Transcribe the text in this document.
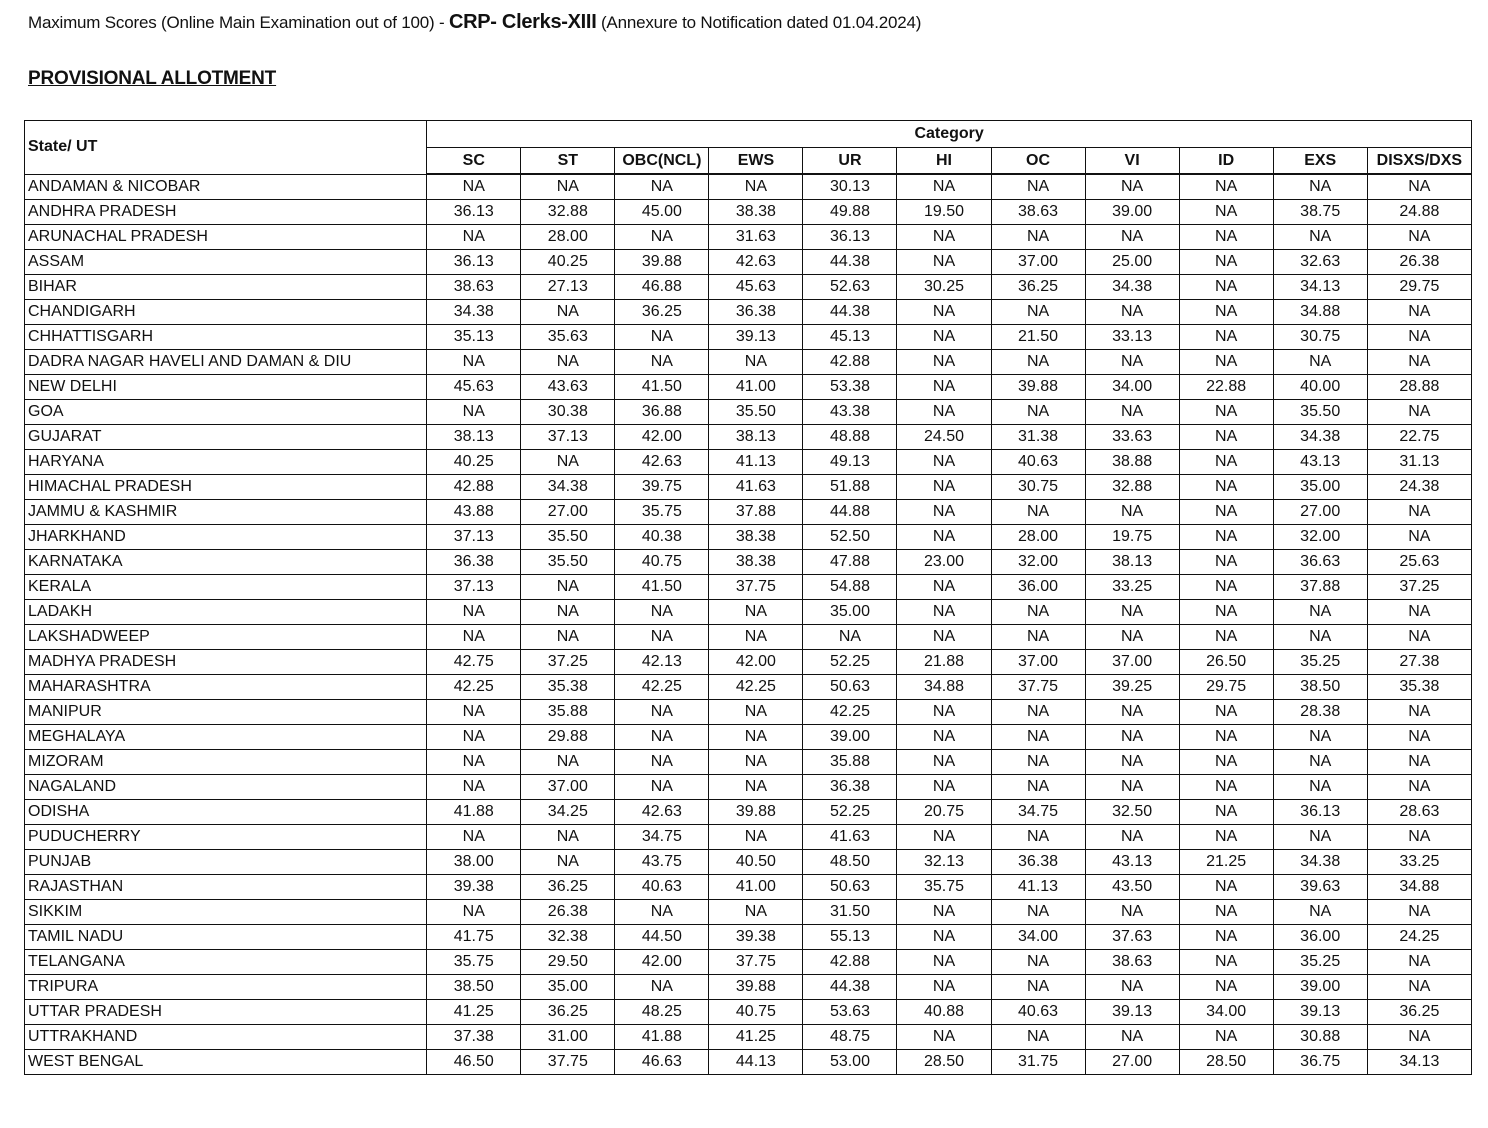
Maximum Scores (Online Main Examination out of 100) - CRP- Clerks-XIII (Annexure to Notification dated 01.04.2024)
PROVISIONAL ALLOTMENT
State/ UT	Category										
	SC	ST	OBC(NCL)	EWS	UR	HI	OC	VI	ID	EXS	DISXS/DXS
ANDAMAN & NICOBAR	NA	NA	NA	NA	30.13	NA	NA	NA	NA	NA	NA
ANDHRA PRADESH	36.13	32.88	45.00	38.38	49.88	19.50	38.63	39.00	NA	38.75	24.88
ARUNACHAL PRADESH	NA	28.00	NA	31.63	36.13	NA	NA	NA	NA	NA	NA
ASSAM	36.13	40.25	39.88	42.63	44.38	NA	37.00	25.00	NA	32.63	26.38
BIHAR	38.63	27.13	46.88	45.63	52.63	30.25	36.25	34.38	NA	34.13	29.75
CHANDIGARH	34.38	NA	36.25	36.38	44.38	NA	NA	NA	NA	34.88	NA
CHHATTISGARH	35.13	35.63	NA	39.13	45.13	NA	21.50	33.13	NA	30.75	NA
DADRA NAGAR HAVELI AND DAMAN & DIU	NA	NA	NA	NA	42.88	NA	NA	NA	NA	NA	NA
NEW DELHI	45.63	43.63	41.50	41.00	53.38	NA	39.88	34.00	22.88	40.00	28.88
GOA	NA	30.38	36.88	35.50	43.38	NA	NA	NA	NA	35.50	NA
GUJARAT	38.13	37.13	42.00	38.13	48.88	24.50	31.38	33.63	NA	34.38	22.75
HARYANA	40.25	NA	42.63	41.13	49.13	NA	40.63	38.88	NA	43.13	31.13
HIMACHAL PRADESH	42.88	34.38	39.75	41.63	51.88	NA	30.75	32.88	NA	35.00	24.38
JAMMU & KASHMIR	43.88	27.00	35.75	37.88	44.88	NA	NA	NA	NA	27.00	NA
JHARKHAND	37.13	35.50	40.38	38.38	52.50	NA	28.00	19.75	NA	32.00	NA
KARNATAKA	36.38	35.50	40.75	38.38	47.88	23.00	32.00	38.13	NA	36.63	25.63
KERALA	37.13	NA	41.50	37.75	54.88	NA	36.00	33.25	NA	37.88	37.25
LADAKH	NA	NA	NA	NA	35.00	NA	NA	NA	NA	NA	NA
LAKSHADWEEP	NA	NA	NA	NA	NA	NA	NA	NA	NA	NA	NA
MADHYA PRADESH	42.75	37.25	42.13	42.00	52.25	21.88	37.00	37.00	26.50	35.25	27.38
MAHARASHTRA	42.25	35.38	42.25	42.25	50.63	34.88	37.75	39.25	29.75	38.50	35.38
MANIPUR	NA	35.88	NA	NA	42.25	NA	NA	NA	NA	28.38	NA
MEGHALAYA	NA	29.88	NA	NA	39.00	NA	NA	NA	NA	NA	NA
MIZORAM	NA	NA	NA	NA	35.88	NA	NA	NA	NA	NA	NA
NAGALAND	NA	37.00	NA	NA	36.38	NA	NA	NA	NA	NA	NA
ODISHA	41.88	34.25	42.63	39.88	52.25	20.75	34.75	32.50	NA	36.13	28.63
PUDUCHERRY	NA	NA	34.75	NA	41.63	NA	NA	NA	NA	NA	NA
PUNJAB	38.00	NA	43.75	40.50	48.50	32.13	36.38	43.13	21.25	34.38	33.25
RAJASTHAN	39.38	36.25	40.63	41.00	50.63	35.75	41.13	43.50	NA	39.63	34.88
SIKKIM	NA	26.38	NA	NA	31.50	NA	NA	NA	NA	NA	NA
TAMIL NADU	41.75	32.38	44.50	39.38	55.13	NA	34.00	37.63	NA	36.00	24.25
TELANGANA	35.75	29.50	42.00	37.75	42.88	NA	NA	38.63	NA	35.25	NA
TRIPURA	38.50	35.00	NA	39.88	44.38	NA	NA	NA	NA	39.00	NA
UTTAR PRADESH	41.25	36.25	48.25	40.75	53.63	40.88	40.63	39.13	34.00	39.13	36.25
UTTRAKHAND	37.38	31.00	41.88	41.25	48.75	NA	NA	NA	NA	30.88	NA
WEST BENGAL	46.50	37.75	46.63	44.13	53.00	28.50	31.75	27.00	28.50	36.75	34.13
